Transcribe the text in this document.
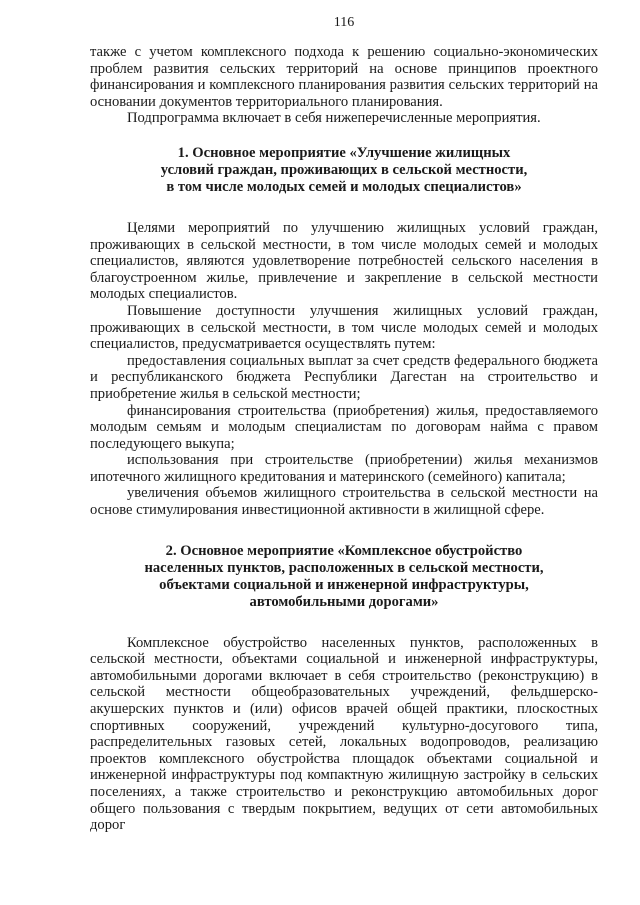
116

также с учетом комплексного подхода к решению социально-экономических проблем развития сельских территорий на основе принципов проектного финансирования и комплексного планирования развития сельских территорий на основании документов территориального планирования.

Подпрограмма включает в себя нижеперечисленные мероприятия.

1. Основное мероприятие «Улучшение жилищных

условий граждан, проживающих в сельской местности,

в том числе молодых семей и молодых специалистов»

Целями мероприятий по улучшению жилищных условий граждан, проживающих в сельской местности, в том числе молодых семей и молодых специалистов, являются удовлетворение потребностей сельского населения в благоустроенном жилье, привлечение и закрепление в сельской местности молодых специалистов.

Повышение доступности улучшения жилищных условий граждан, проживающих в сельской местности, в том числе молодых семей и молодых специалистов, предусматривается осуществлять путем:

предоставления социальных выплат за счет средств федерального бюджета и республиканского бюджета Республики Дагестан на строительство и приобретение жилья в сельской местности;

финансирования строительства (приобретения) жилья, предоставляемого молодым семьям и молодым специалистам по договорам найма с правом последующего выкупа;

использования при строительстве (приобретении) жилья механизмов ипотечного жилищного кредитования и материнского (семейного) капитала;

увеличения объемов жилищного строительства в сельской местности на основе стимулирования инвестиционной активности в жилищной сфере.

2. Основное мероприятие «Комплексное обустройство

населенных пунктов, расположенных в сельской местности,

объектами социальной и инженерной инфраструктуры,

автомобильными дорогами»

Комплексное обустройство населенных пунктов, расположенных в сельской местности, объектами социальной и инженерной инфраструктуры, автомобильными дорогами включает в себя строительство (реконструкцию) в сельской местности общеобразовательных учреждений, фельдшерско-акушерских пунктов и (или) офисов врачей общей практики, плоскостных спортивных сооружений, учреждений культурно-досугового типа, распределительных газовых сетей, локальных водопроводов, реализацию проектов комплексного обустройства площадок объектами социальной и инженерной инфраструктуры под компактную жилищную застройку в сельских поселениях, а также строительство и реконструкцию автомобильных дорог общего пользования с твердым покрытием, ведущих от сети автомобильных дорог
